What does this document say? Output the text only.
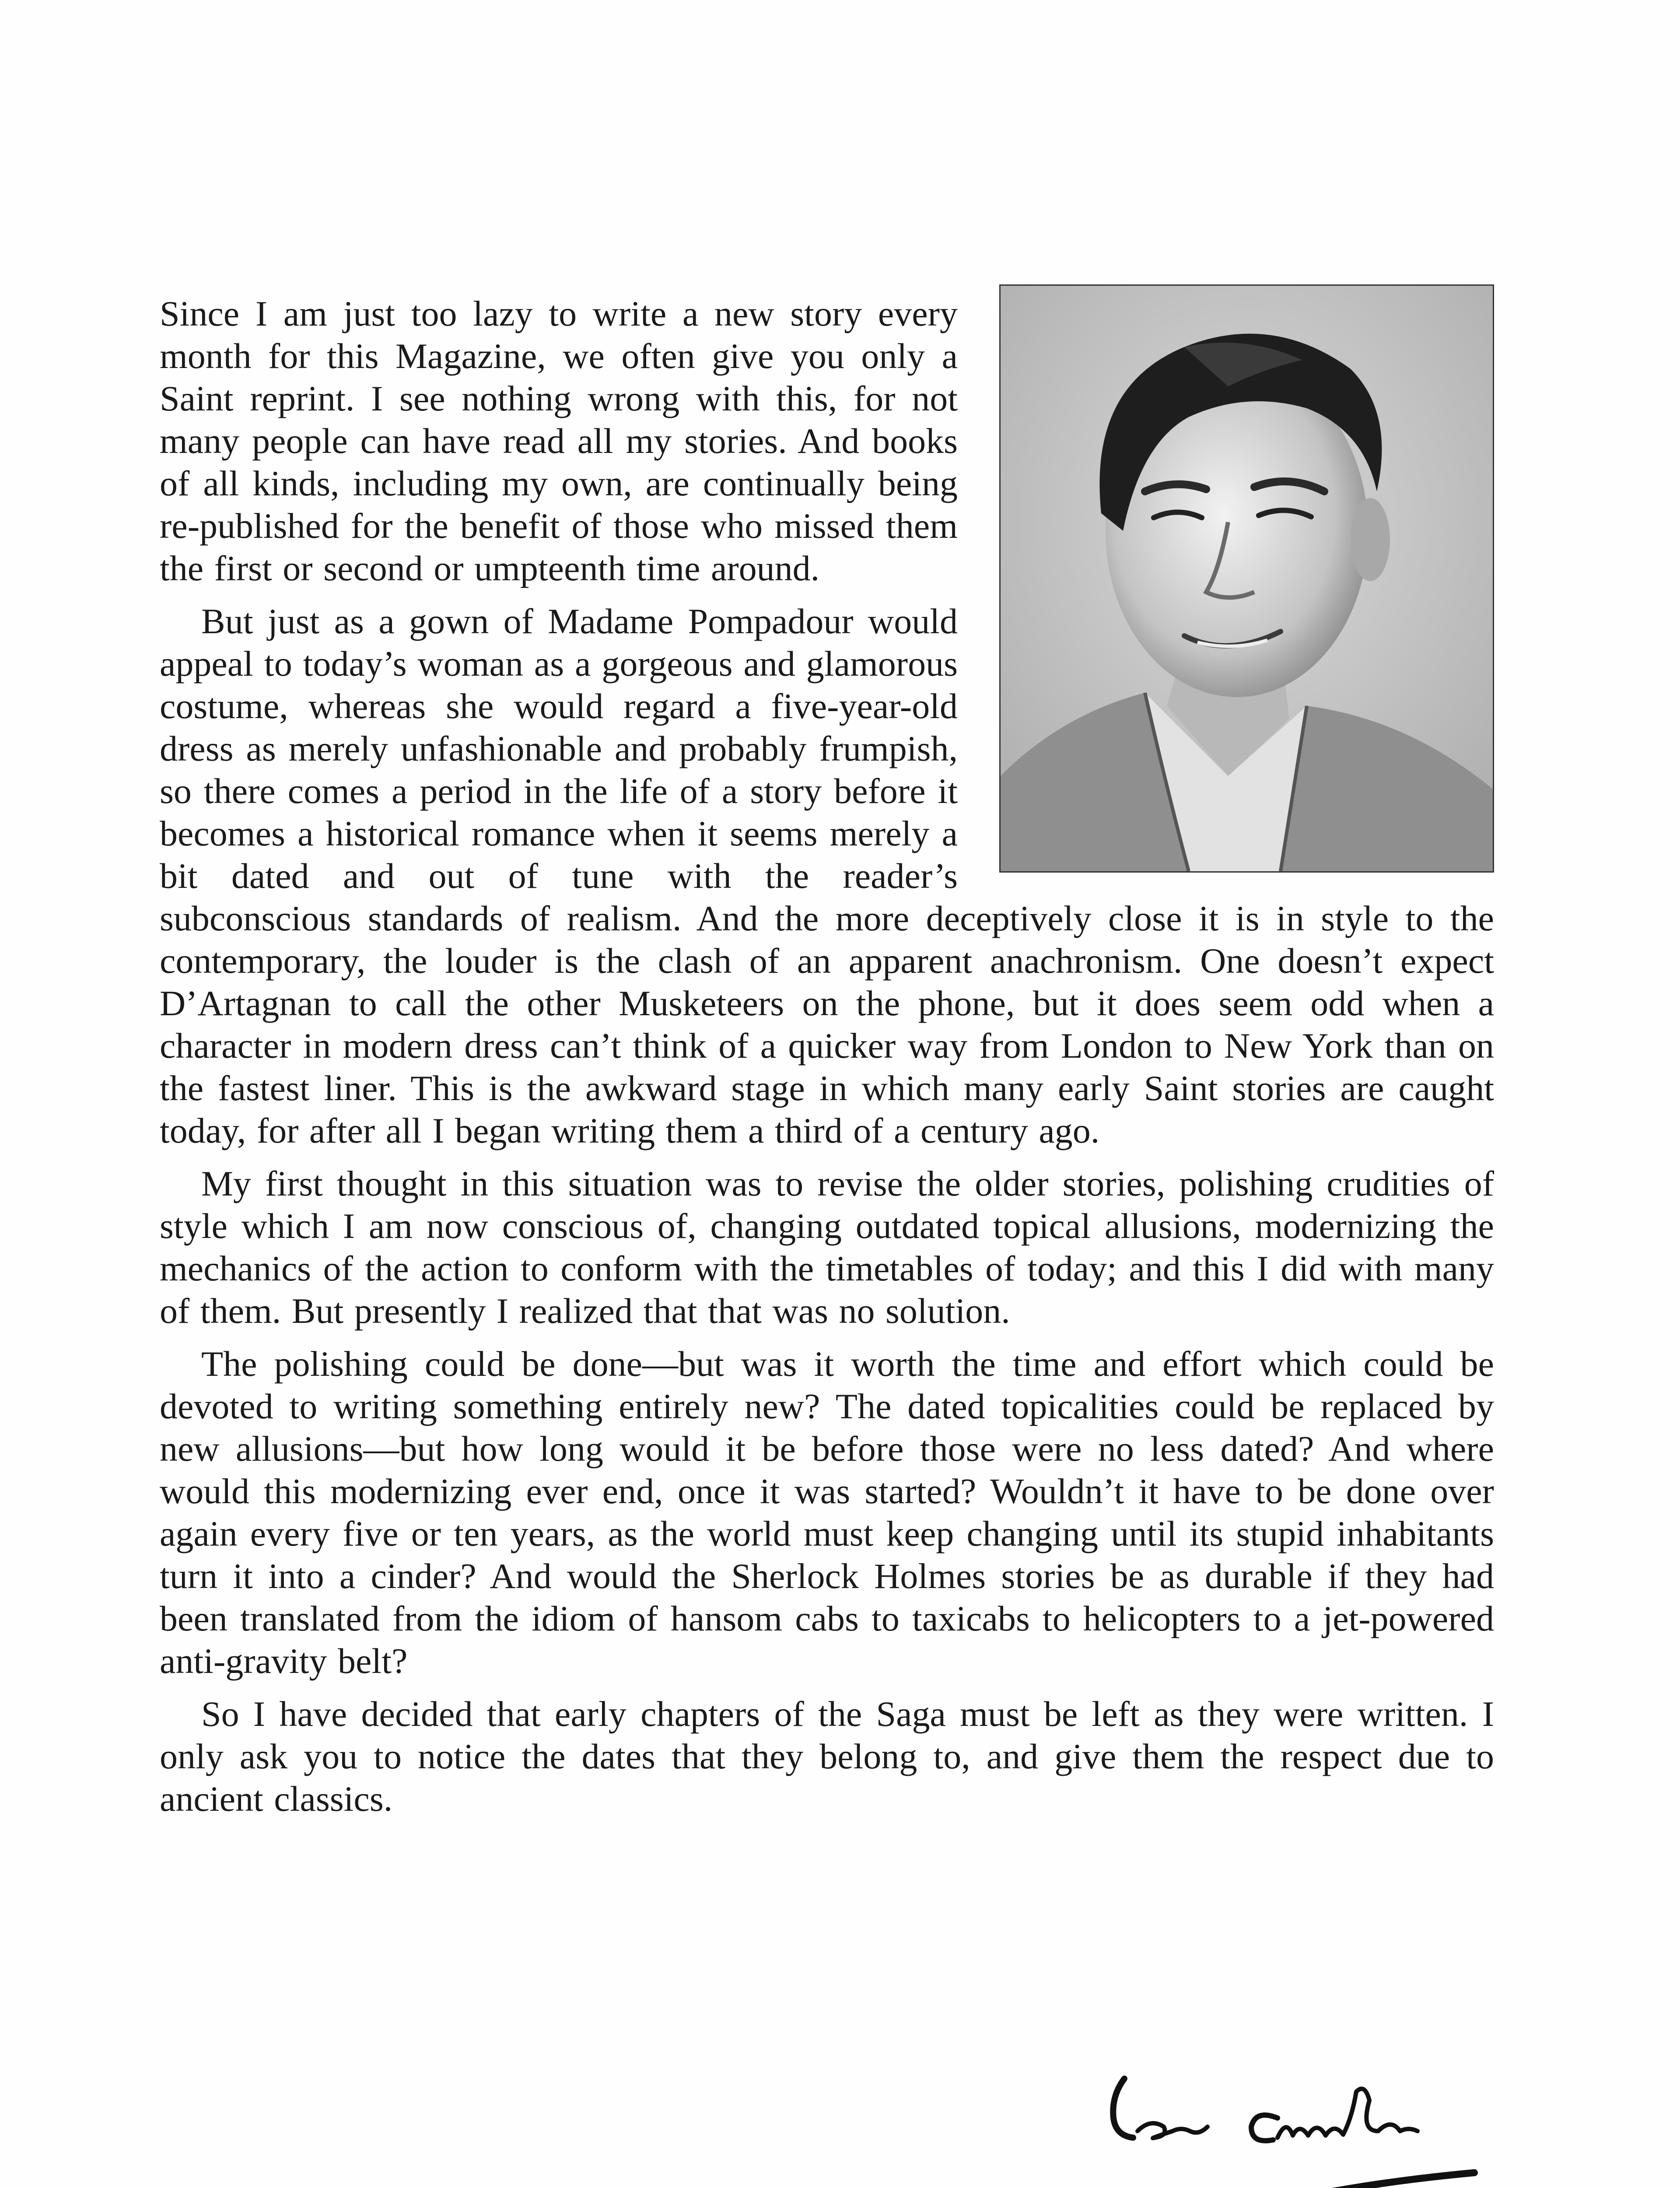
Since I am just too lazy to write a new story every month for this Magazine, we often give you only a Saint reprint. I see nothing wrong with this, for not many people can have read all my stories. And books of all kinds, including my own, are continually being re-published for the benefit of those who missed them the first or second or umpteenth time around.

But just as a gown of Madame Pompadour would appeal to today’s woman as a gorgeous and glamorous costume, whereas she would regard a five-year-old dress as merely unfashionable and probably frumpish, so there comes a period in the life of a story before it becomes a historical romance when it seems merely a bit dated and out of tune with the reader’s subconscious standards of realism. And the more deceptively close it is in style to the contemporary, the louder is the clash of an apparent anachronism. One doesn’t expect D’Artagnan to call the other Musketeers on the phone, but it does seem odd when a character in modern dress can’t think of a quicker way from London to New York than on the fastest liner. This is the awkward stage in which many early Saint stories are caught today, for after all I began writing them a third of a century ago.

My first thought in this situation was to revise the older stories, polishing crudities of style which I am now conscious of, changing outdated topical allusions, modernizing the mechanics of the action to conform with the timetables of today; and this I did with many of them. But presently I realized that that was no solution.

The polishing could be done—but was it worth the time and effort which could be devoted to writing something entirely new? The dated topicalities could be replaced by new allusions—but how long would it be before those were no less dated? And where would this modernizing ever end, once it was started? Wouldn’t it have to be done over again every five or ten years, as the world must keep changing until its stupid inhabitants turn it into a cinder? And would the Sherlock Holmes stories be as durable if they had been translated from the idiom of hansom cabs to taxicabs to helicopters to a jet-powered anti-gravity belt?

So I have decided that early chapters of the Saga must be left as they were written. I only ask you to notice the dates that they belong to, and give them the respect due to ancient classics.
